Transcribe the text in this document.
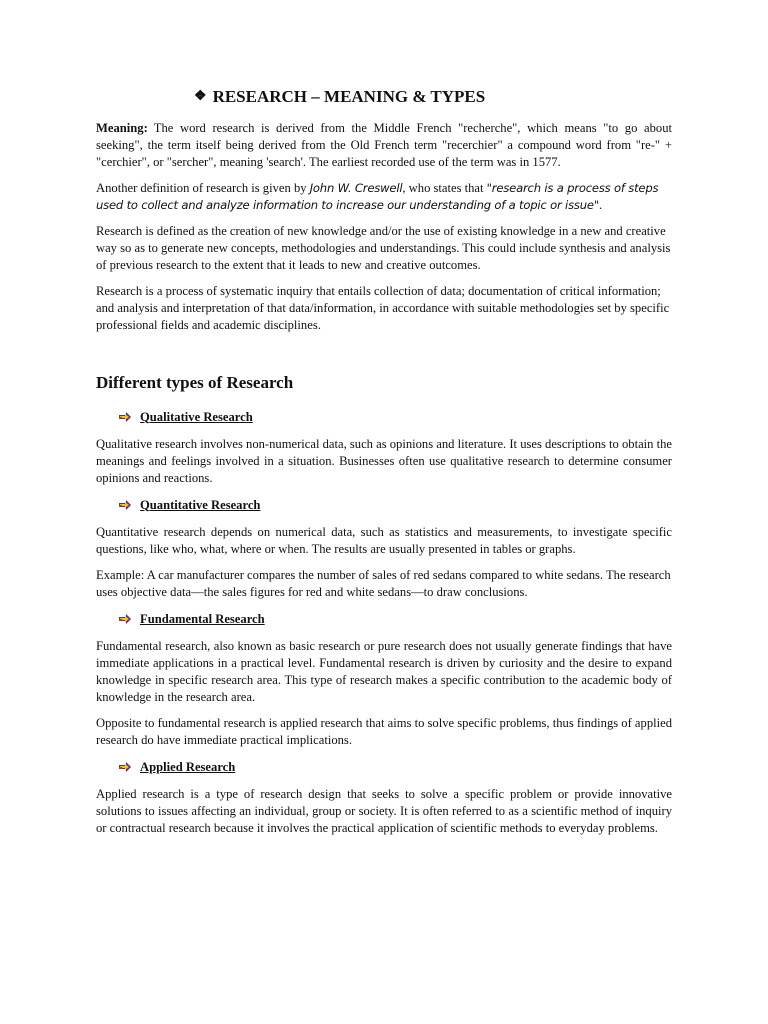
❖ RESEARCH – MEANING & TYPES

Meaning: The word research is derived from the Middle French "recherche", which means "to go about seeking", the term itself being derived from the Old French term "recerchier" a compound word from "re-" + "cerchier", or "sercher", meaning 'search'. The earliest recorded use of the term was in 1577.

Another definition of research is given by John W. Creswell, who states that "research is a process of steps used to collect and analyze information to increase our understanding of a topic or issue".

Research is defined as the creation of new knowledge and/or the use of existing knowledge in a new and creative way so as to generate new concepts, methodologies and understandings. This could include synthesis and analysis of previous research to the extent that it leads to new and creative outcomes.

Research is a process of systematic inquiry that entails collection of data; documentation of critical information; and analysis and interpretation of that data/information, in accordance with suitable methodologies set by specific professional fields and academic disciplines.

Different types of Research
Qualitative Research

Qualitative research involves non-numerical data, such as opinions and literature. It uses descriptions to obtain the meanings and feelings involved in a situation. Businesses often use qualitative research to determine consumer opinions and reactions.

Quantitative Research

Quantitative research depends on numerical data, such as statistics and measurements, to investigate specific questions, like who, what, where or when. The results are usually presented in tables or graphs.

Example: A car manufacturer compares the number of sales of red sedans compared to white sedans. The research uses objective data—the sales figures for red and white sedans—to draw conclusions.

Fundamental Research

Fundamental research, also known as basic research or pure research does not usually generate findings that have immediate applications in a practical level. Fundamental research is driven by curiosity and the desire to expand knowledge in specific research area. This type of research makes a specific contribution to the academic body of knowledge in the research area.

Opposite to fundamental research is applied research that aims to solve specific problems, thus findings of applied research do have immediate practical implications.

Applied Research

Applied research is a type of research design that seeks to solve a specific problem or provide innovative solutions to issues affecting an individual, group or society. It is often referred to as a scientific method of inquiry or contractual research because it involves the practical application of scientific methods to everyday problems.
